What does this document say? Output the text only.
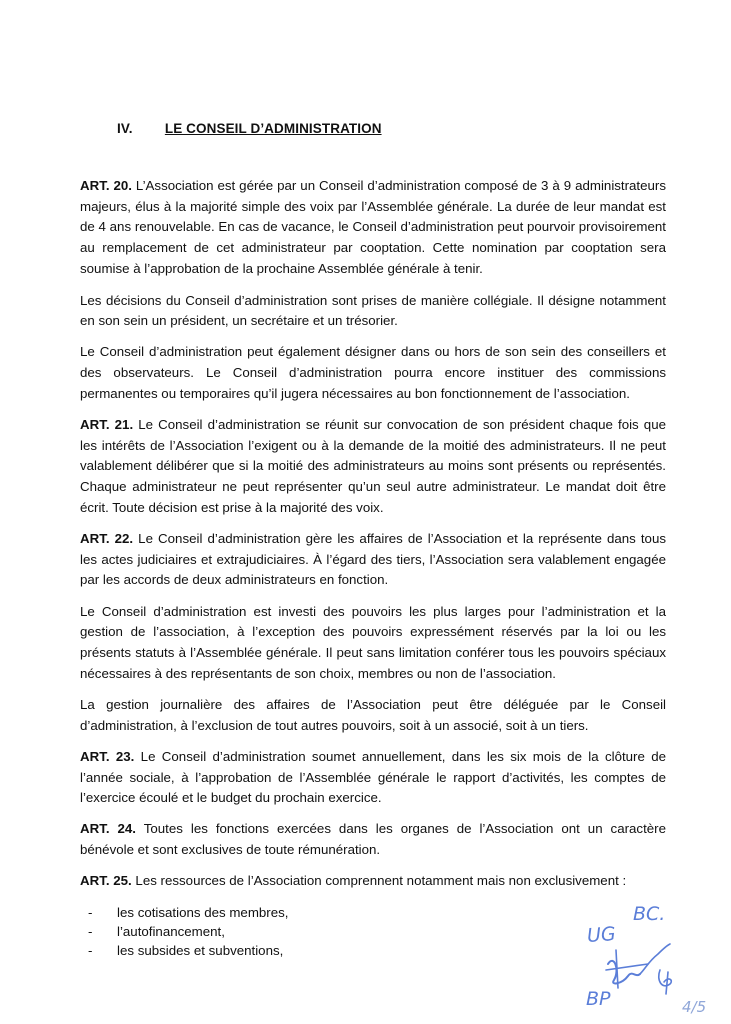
IV. LE CONSEIL D’ADMINISTRATION

ART. 20. L’Association est gérée par un Conseil d’administration composé de 3 à 9 administrateurs majeurs, élus à la majorité simple des voix par l’Assemblée générale. La durée de leur mandat est de 4 ans renouvelable. En cas de vacance, le Conseil d’administration peut pourvoir provisoirement au remplacement de cet administrateur par cooptation. Cette nomination par cooptation sera soumise à l’approbation de la prochaine Assemblée générale à tenir.

Les décisions du Conseil d’administration sont prises de manière collégiale. Il désigne notamment en son sein un président, un secrétaire et un trésorier.

Le Conseil d’administration peut également désigner dans ou hors de son sein des conseillers et des observateurs. Le Conseil d’administration pourra encore instituer des commissions permanentes ou temporaires qu’il jugera nécessaires au bon fonctionnement de l’association.

ART. 21. Le Conseil d’administration se réunit sur convocation de son président chaque fois que les intérêts de l’Association l’exigent ou à la demande de la moitié des administrateurs. Il ne peut valablement délibérer que si la moitié des administrateurs au moins sont présents ou représentés. Chaque administrateur ne peut représenter qu’un seul autre administrateur. Le mandat doit être écrit. Toute décision est prise à la majorité des voix.

ART. 22. Le Conseil d’administration gère les affaires de l’Association et la représente dans tous les actes judiciaires et extrajudiciaires. À l’égard des tiers, l’Association sera valablement engagée par les accords de deux administrateurs en fonction.

Le Conseil d’administration est investi des pouvoirs les plus larges pour l’administration et la gestion de l’association, à l’exception des pouvoirs expressément réservés par la loi ou les présents statuts à l’Assemblée générale. Il peut sans limitation conférer tous les pouvoirs spéciaux nécessaires à des représentants de son choix, membres ou non de l’association.

La gestion journalière des affaires de l’Association peut être déléguée par le Conseil d’administration, à l’exclusion de tout autres pouvoirs, soit à un associé, soit à un tiers.

ART. 23. Le Conseil d’administration soumet annuellement, dans les six mois de la clôture de l’année sociale, à l’approbation de l’Assemblée générale le rapport d’activités, les comptes de l’exercice écoulé et le budget du prochain exercice.

ART. 24. Toutes les fonctions exercées dans les organes de l’Association ont un caractère bénévole et sont exclusives de toute rémunération.

ART. 25. Les ressources de l’Association comprennent notamment mais non exclusivement :

- les cotisations des membres,
- l’autofinancement,
- les subsides et subventions,
UG
BC.
BP	4/5
